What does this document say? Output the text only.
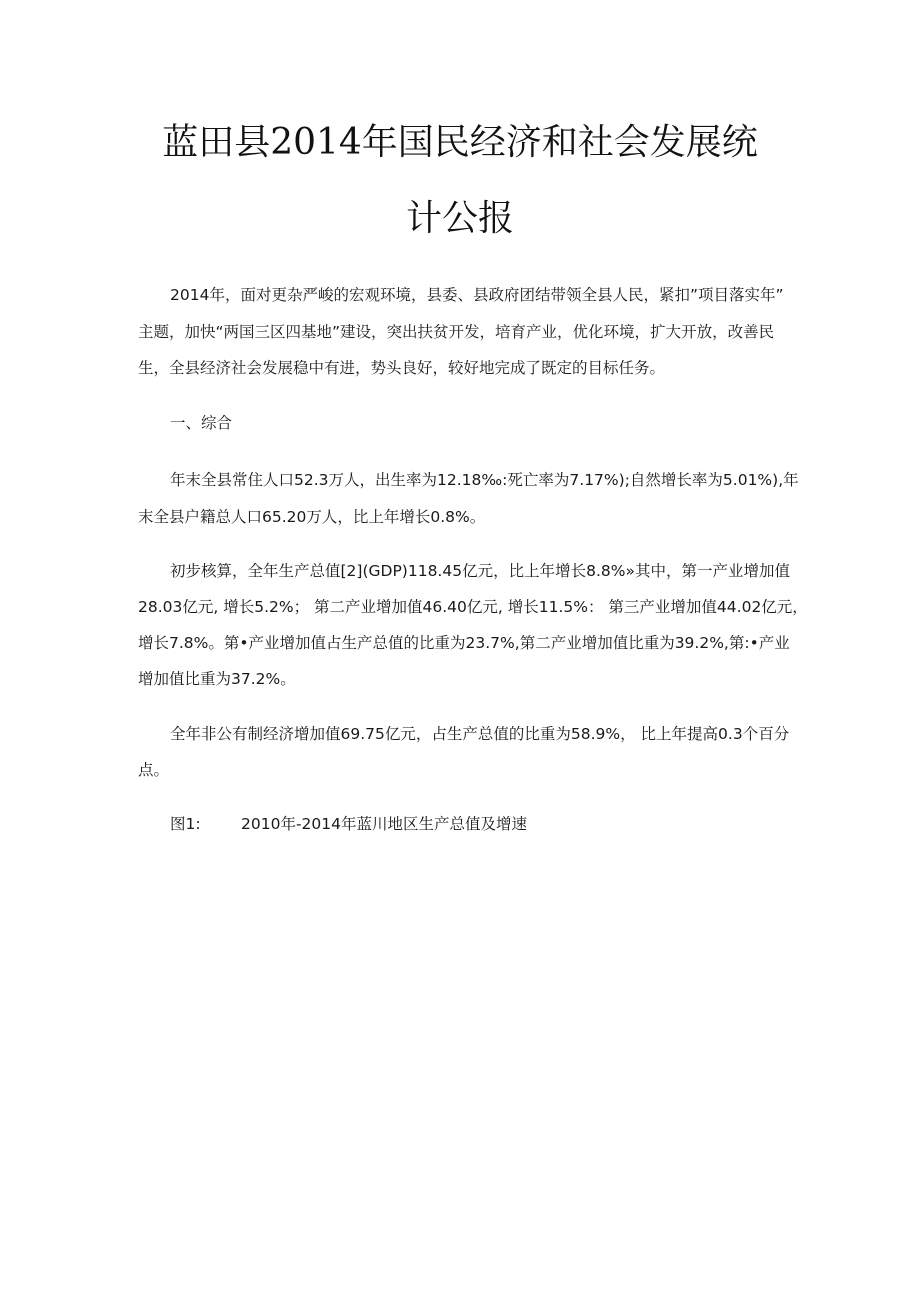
蓝田县2014年国民经济和社会发展统
计公报

2014年，面对更杂严峻的宏观环境，县委、县政府团结带领全县人民，紧扣”项目落实年”

主题，加快“两国三区四基地”建设，突出扶贫开发，培育产业，优化环境，扩大开放，改善民

生，全县经济社会发展稳中有进，势头良好，较好地完成了既定的目标任务。

一、综合

年末全县常住人口52.3万人，出生率为12.18‰:死亡率为7.17%);自然增长率为5.01%),年

末全县户籍总人口65.20万人，比上年增长0.8%。

初步核算，全年生产总值[2](GDP)118.45亿元，比上年增长8.8%»其中，第一产业增加值

28.03亿元, 增长5.2%； 第二产业增加值46.40亿元, 增长11.5%： 第三产业增加值44.02亿元，

增长7.8%。第•产业增加值占生产总值的比重为23.7%,第二产业增加值比重为39.2%,第:•产业

增加值比重为37.2%。

全年非公有制经济增加值69.75亿元，占生产总值的比重为58.9%， 比上年提高0.3个百分

点。

图1:	2010年-2014年蓝川地区生产总值及增速
